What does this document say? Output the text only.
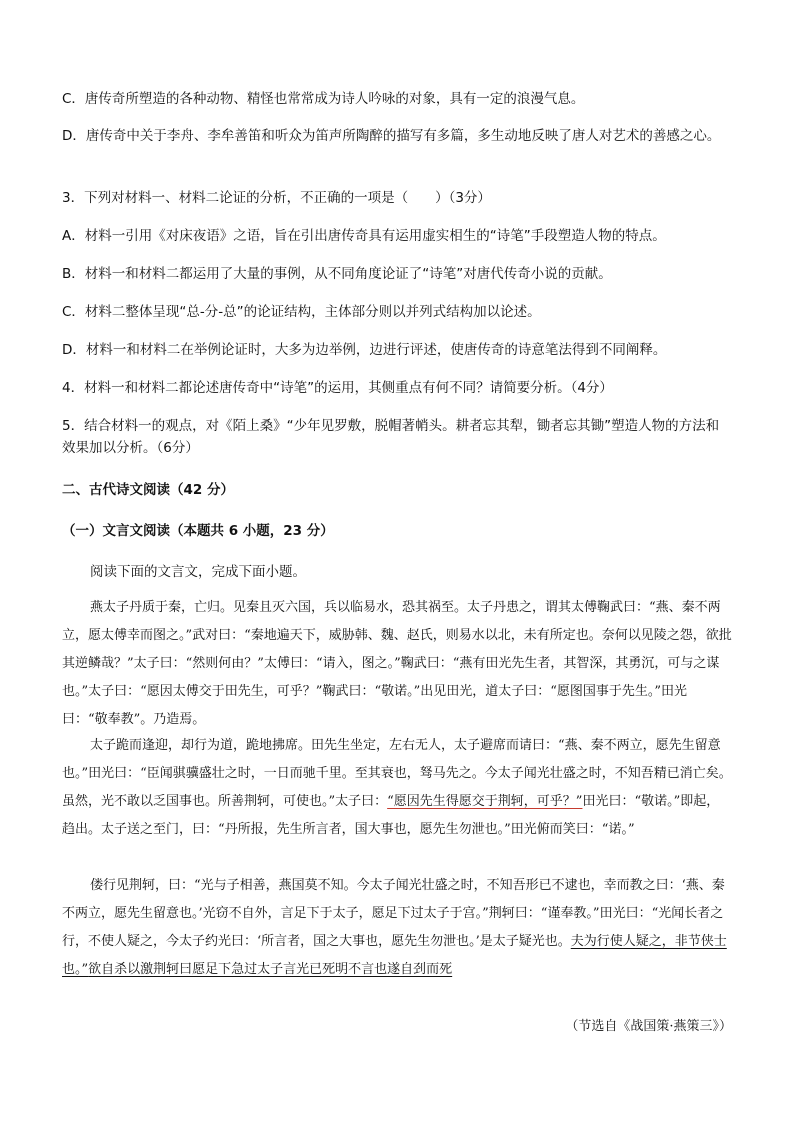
C．唐传奇所塑造的各种动物、精怪也常常成为诗人吟咏的对象，具有一定的浪漫气息。
D．唐传奇中关于李舟、李牟善笛和听众为笛声所陶醉的描写有多篇，多生动地反映了唐人对艺术的善感之心。
3．下列对材料一、材料二论证的分析，不正确的一项是（　　）（3分）
A．材料一引用《对床夜语》之语，旨在引出唐传奇具有运用虚实相生的“诗笔”手段塑造人物的特点。
B．材料一和材料二都运用了大量的事例，从不同角度论证了“诗笔”对唐代传奇小说的贡献。
C．材料二整体呈现“总-分-总”的论证结构，主体部分则以并列式结构加以论述。
D．材料一和材料二在举例论证时，大多为边举例，边进行评述，使唐传奇的诗意笔法得到不同阐释。
4．材料一和材料二都论述唐传奇中“诗笔”的运用，其侧重点有何不同？请简要分析。（4分）
5．结合材料一的观点，对《陌上桑》“少年见罗敷，脱帽著帩头。耕者忘其犁，锄者忘其锄”塑造人物的方法和效果加以分析。（6分）
二、古代诗文阅读（42 分）
（一）文言文阅读（本题共 6 小题，23 分）
阅读下面的文言文，完成下面小题。
燕太子丹质于秦，亡归。见秦且灭六国，兵以临易水，恐其祸至。太子丹患之，谓其太傅鞠武曰：“燕、秦不两立，愿太傅幸而图之。”武对曰：“秦地遍天下，威胁韩、魏、赵氏，则易水以北，未有所定也。奈何以见陵之怨，欲批其逆鳞哉？”太子曰：“然则何由？”太傅曰：“请入，图之。”鞠武曰：“燕有田光先生者，其智深，其勇沉，可与之谋也。”太子曰：“愿因太傅交于田先生，可乎？”鞠武曰：“敬诺。”出见田光，道太子曰：“愿图国事于先生。”田光曰：“敬奉教”。乃造焉。
太子跪而逢迎，却行为道，跪地拂席。田先生坐定，左右无人，太子避席而请曰：“燕、秦不两立，愿先生留意也。”田光曰：“臣闻骐骥盛壮之时，一日而驰千里。至其衰也，驽马先之。今太子闻光壮盛之时，不知吾精已消亡矣。虽然，光不敢以乏国事也。所善荆轲，可使也。”太子曰：“愿因先生得愿交于荆轲，可乎？”田光曰：“敬诺。”即起，趋出。太子送之至门，曰：“丹所报，先生所言者，国大事也，愿先生勿泄也。”田光俯而笑曰：“诺。”
偻行见荆轲，曰：“光与子相善，燕国莫不知。今太子闻光壮盛之时，不知吾形已不逮也，幸而教之曰：‘燕、秦不两立，愿先生留意也。’光窃不自外，言足下于太子，愿足下过太子于宫。”荆轲曰：“谨奉教。”田光曰：“光闻长者之行，不使人疑之，今太子约光曰：‘所言者，国之大事也，愿先生勿泄也。’是太子疑光也。夫为行使人疑之，非节侠士也。”欲自杀以激荆轲曰愿足下急过太子言光已死明不言也遂自刭而死
（节选自《战国策·燕策三》）
